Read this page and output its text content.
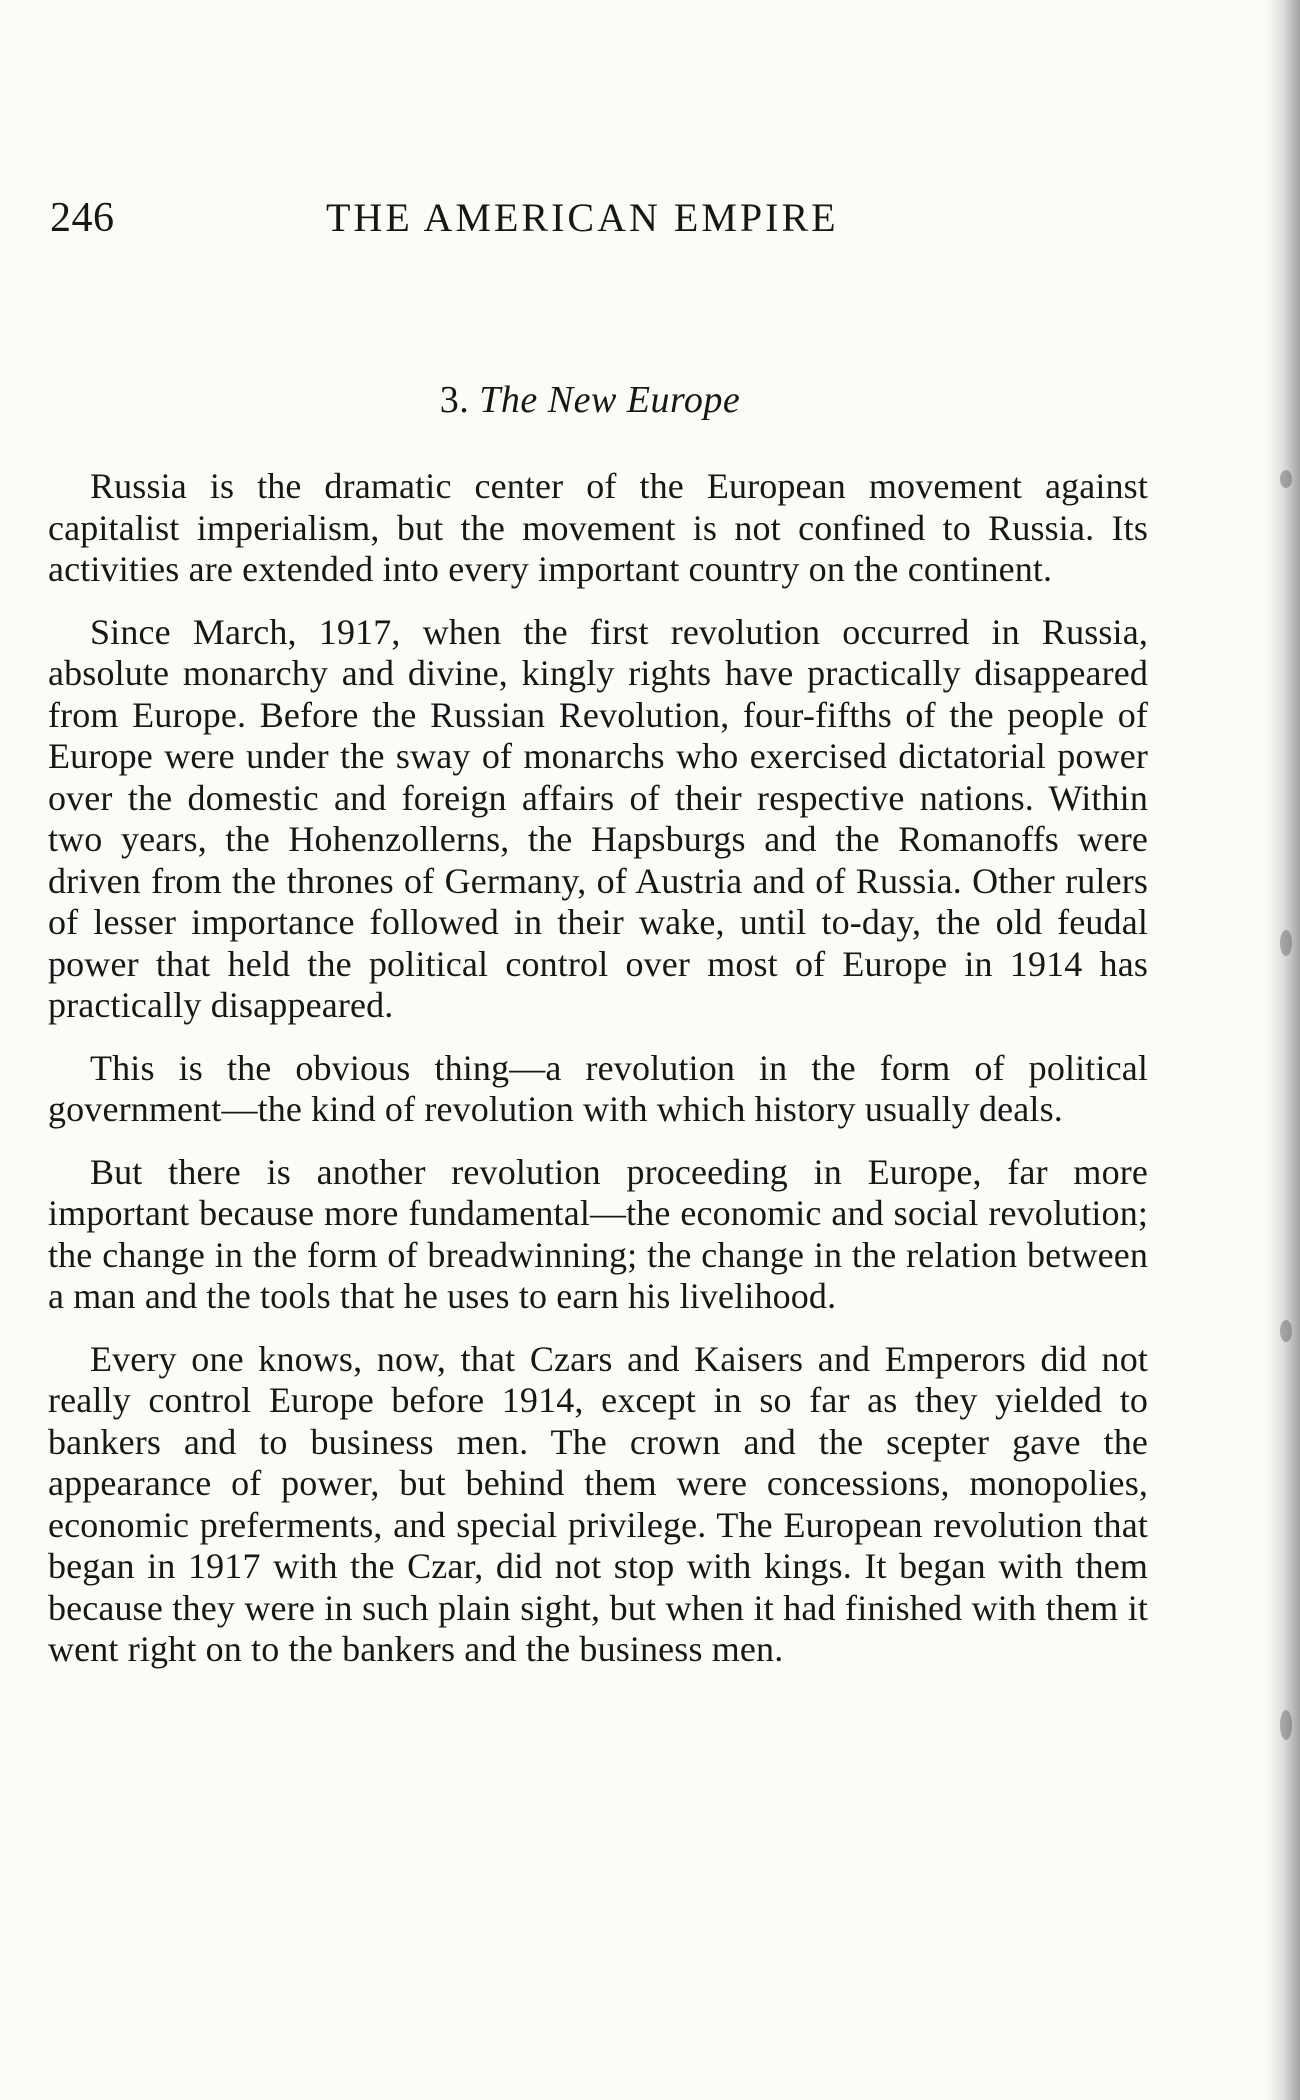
246	THE AMERICAN EMPIRE
3. The New Europe

Russia is the dramatic center of the European movement against capitalist imperialism, but the movement is not confined to Russia. Its activities are extended into every important country on the continent.

Since March, 1917, when the first revolution occurred in Russia, absolute monarchy and divine, kingly rights have practically disappeared from Europe. Before the Russian Revolution, four-fifths of the people of Europe were under the sway of monarchs who exercised dictatorial power over the domestic and foreign affairs of their respective nations. Within two years, the Hohenzollerns, the Hapsburgs and the Romanoffs were driven from the thrones of Germany, of Austria and of Russia. Other rulers of lesser importance followed in their wake, until to-day, the old feudal power that held the political control over most of Europe in 1914 has practically disappeared.

This is the obvious thing—a revolution in the form of political government—the kind of revolution with which history usually deals.

But there is another revolution proceeding in Europe, far more important because more fundamental—the economic and social revolution; the change in the form of breadwinning; the change in the relation between a man and the tools that he uses to earn his livelihood.

Every one knows, now, that Czars and Kaisers and Emperors did not really control Europe before 1914, except in so far as they yielded to bankers and to business men. The crown and the scepter gave the appearance of power, but behind them were concessions, monopolies, economic preferments, and special privilege. The European revolution that began in 1917 with the Czar, did not stop with kings. It began with them because they were in such plain sight, but when it had finished with them it went right on to the bankers and the business men.
